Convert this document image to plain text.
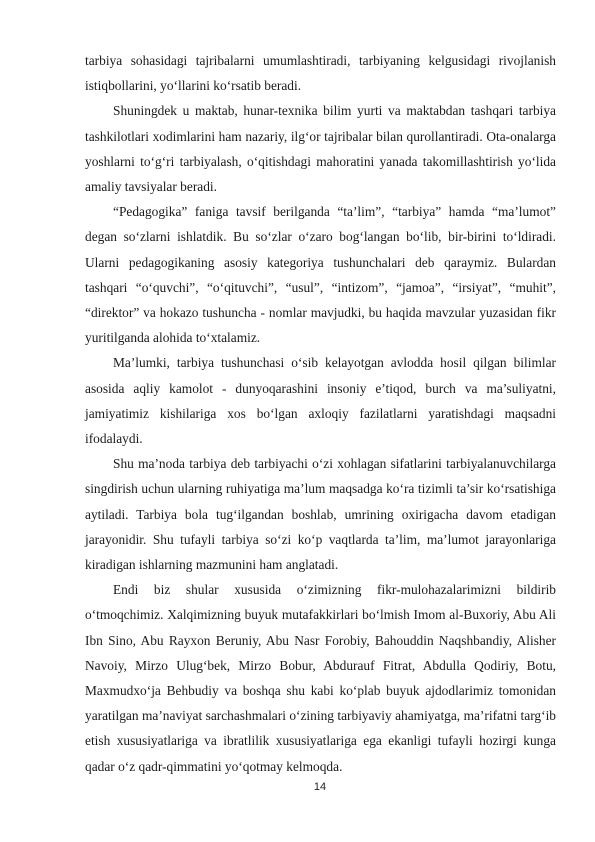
tarbiya sohasidagi tajribalarni umumlashtiradi, tarbiyaning kelgusidagi rivojlanish istiqbollarini, yo‘llarini ko‘rsatib beradi.

Shuningdek u maktab, hunar-texnika bilim yurti va maktabdan tashqari tarbiya tashkilotlari xodimlarini ham nazariy, ilg‘or tajribalar bilan qurollantiradi. Ota-onalarga yoshlarni to‘g‘ri tarbiyalash, o‘qitishdagi mahoratini yanada takomillashtirish yo‘lida amaliy tavsiyalar beradi.

“Pedagogika” faniga tavsif berilganda “ta’lim”, “tarbiya” hamda “ma’lumot” degan so‘zlarni ishlatdik. Bu so‘zlar o‘zaro bog‘langan bo‘lib, bir-birini to‘ldiradi. Ularni pedagogikaning asosiy kategoriya tushunchalari deb qaraymiz. Bulardan tashqari “o‘quvchi”, “o‘qituvchi”, “usul”, “intizom”, “jamoa”, “irsiyat”, “muhit”, “direktor” va hokazo tushuncha - nomlar mavjudki, bu haqida mavzular yuzasidan fikr yuritilganda alohida to‘xtalamiz.

Ma’lumki, tarbiya tushunchasi o‘sib kelayotgan avlodda hosil qilgan bilimlar asosida aqliy kamolot - dunyoqarashini insoniy e’tiqod, burch va ma’suliyatni, jamiyatimiz kishilariga xos bo‘lgan axloqiy fazilatlarni yaratishdagi maqsadni ifodalaydi.

Shu ma’noda tarbiya deb tarbiyachi o‘zi xohlagan sifatlarini tarbiyalanuvchilarga singdirish uchun ularning ruhiyatiga ma’lum maqsadga ko‘ra tizimli ta’sir ko‘rsatishiga aytiladi. Tarbiya bola tug‘ilgandan boshlab, umrining oxirigacha davom etadigan jarayonidir. Shu tufayli tarbiya so‘zi ko‘p vaqtlarda ta’lim, ma’lumot jarayonlariga kiradigan ishlarning mazmunini ham anglatadi.

Endi biz shular xususida o‘zimizning fikr-mulohazalarimizni bildirib o‘tmoqchimiz. Xalqimizning buyuk mutafakkirlari bo‘lmish Imom al-Buxoriy, Abu Ali Ibn Sino, Abu Rayxon Beruniy, Abu Nasr Forobiy, Bahouddin Naqshbandiy, Alisher Navoiy, Mirzo Ulug‘bek, Mirzo Bobur, Abdurauf Fitrat, Abdulla Qodiriy, Botu, Maxmudxo‘ja Behbudiy va boshqa shu kabi ko‘plab buyuk ajdodlarimiz tomonidan yaratilgan ma’naviyat sarchashmalari o‘zining tarbiyaviy ahamiyatga, ma’rifatni targ‘ib etish xususiyatlariga va ibratlilik xususiyatlariga ega ekanligi tufayli hozirgi kunga qadar o‘z qadr-qimmatini yo‘qotmay kelmoqda.

14
